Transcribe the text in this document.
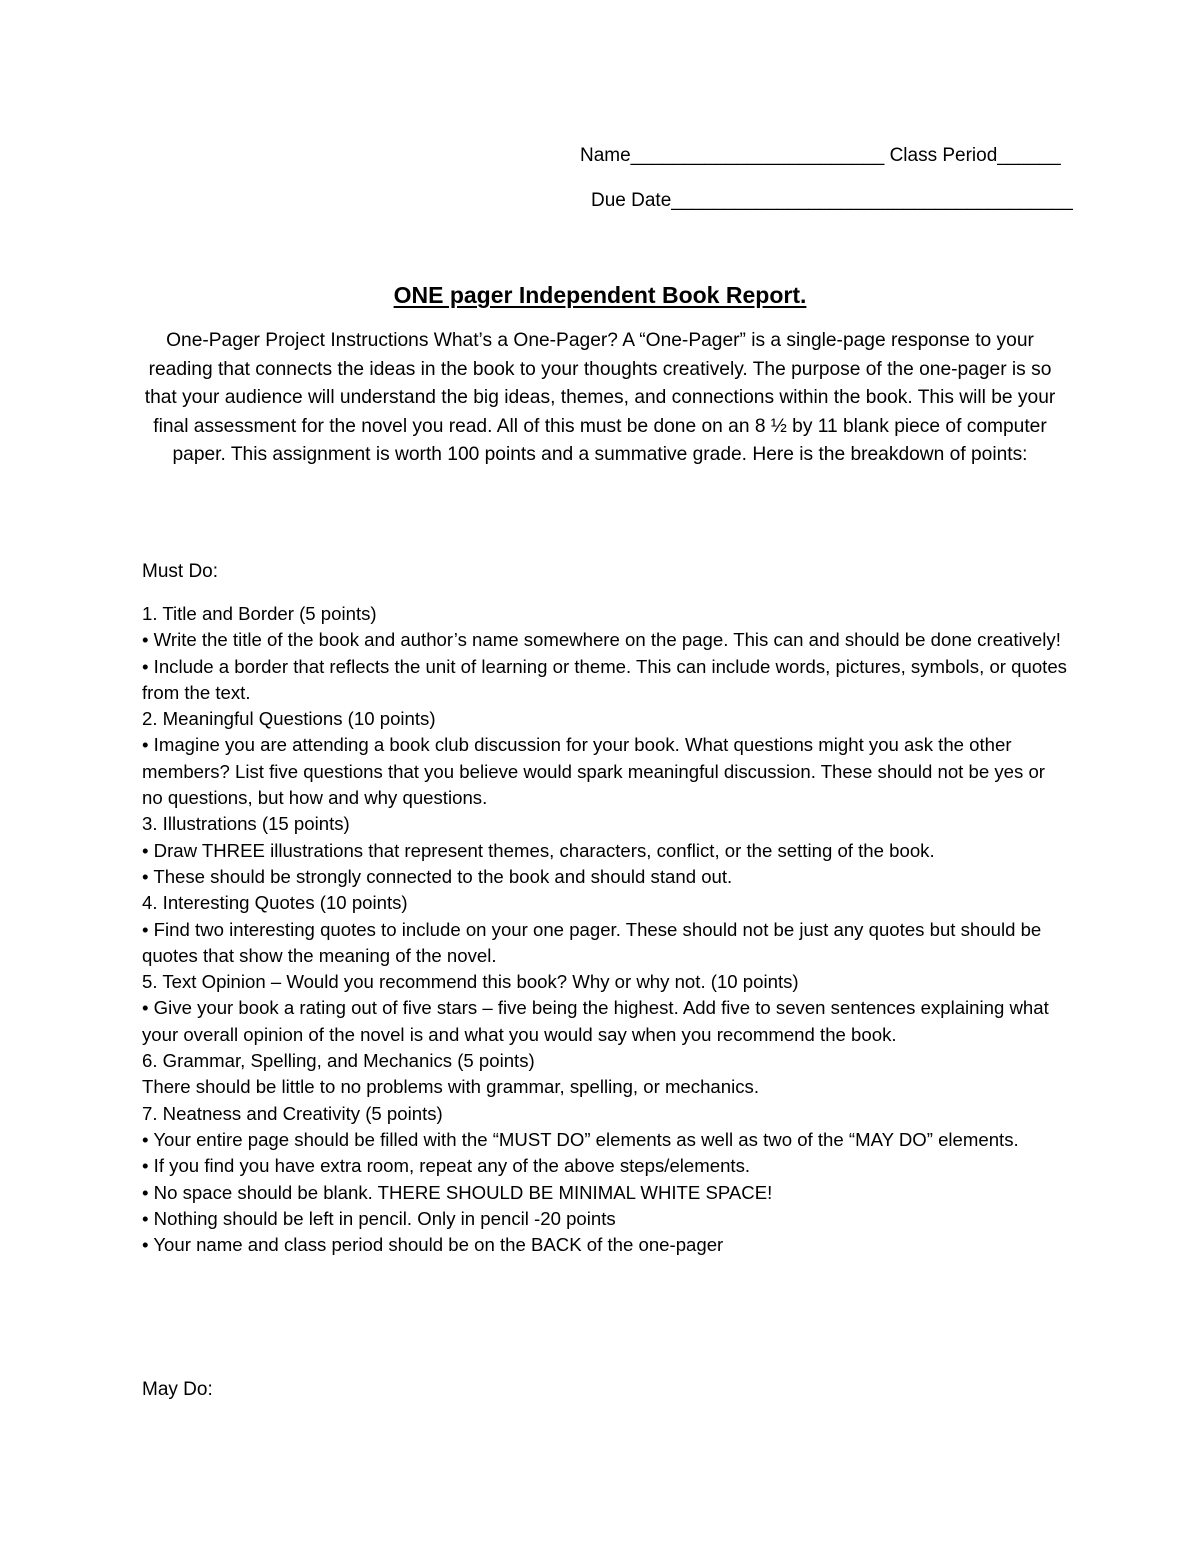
Name________________________ Class Period______
Due Date______________________________________
ONE pager Independent Book Report.
One-Pager Project Instructions What’s a One-Pager? A “One-Pager” is a single-page response to your reading that connects the ideas in the book to your thoughts creatively. The purpose of the one-pager is so that your audience will understand the big ideas, themes, and connections within the book. This will be your final assessment for the novel you read. All of this must be done on an 8 ½ by 11 blank piece of computer paper. This assignment is worth 100 points and a summative grade. Here is the breakdown of points:
Must Do:
1. Title and Border (5 points)
• Write the title of the book and author’s name somewhere on the page. This can and should be done creatively!
• Include a border that reflects the unit of learning or theme. This can include words, pictures, symbols, or quotes from the text.
2. Meaningful Questions (10 points)
• Imagine you are attending a book club discussion for your book. What questions might you ask the other members? List five questions that you believe would spark meaningful discussion. These should not be yes or no questions, but how and why questions.
3. Illustrations (15 points)
• Draw THREE illustrations that represent themes, characters, conflict, or the setting of the book.
• These should be strongly connected to the book and should stand out.
4. Interesting Quotes (10 points)
• Find two interesting quotes to include on your one pager. These should not be just any quotes but should be quotes that show the meaning of the novel.
5. Text Opinion – Would you recommend this book? Why or why not. (10 points)
• Give your book a rating out of five stars – five being the highest. Add five to seven sentences explaining what your overall opinion of the novel is and what you would say when you recommend the book.
6. Grammar, Spelling, and Mechanics (5 points)
There should be little to no problems with grammar, spelling, or mechanics.
7. Neatness and Creativity (5 points)
• Your entire page should be filled with the “MUST DO” elements as well as two of the “MAY DO” elements.
• If you find you have extra room, repeat any of the above steps/elements.
• No space should be blank. THERE SHOULD BE MINIMAL WHITE SPACE!
• Nothing should be left in pencil. Only in pencil -20 points
• Your name and class period should be on the BACK of the one-pager
May Do:
